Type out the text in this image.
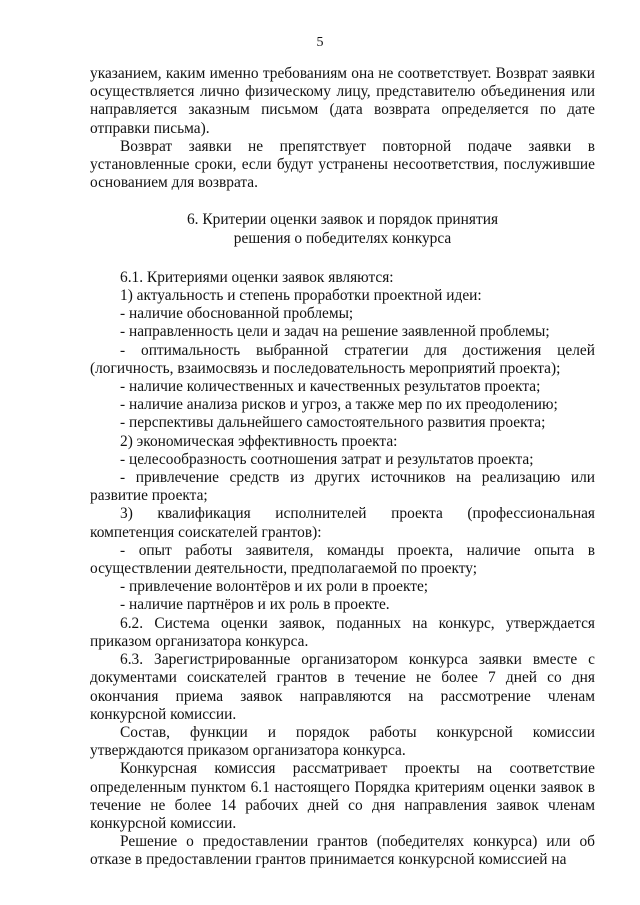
5

указанием, каким именно требованиям она не соответствует. Возврат заявки осуществляется лично физическому лицу, представителю объединения или направляется заказным письмом (дата возврата определяется по дате отправки письма).

Возврат заявки не препятствует повторной подаче заявки в установленные сроки, если будут устранены несоответствия, послужившие основанием для возврата.

6. Критерии оценки заявок и порядок принятия
решения о победителях конкурса

6.1. Критериями оценки заявок являются:

1) актуальность и степень проработки проектной идеи:

- наличие обоснованной проблемы;

- направленность цели и задач на решение заявленной проблемы;

- оптимальность выбранной стратегии для достижения целей (логичность, взаимосвязь и последовательность мероприятий проекта);

- наличие количественных и качественных результатов проекта;

- наличие анализа рисков и угроз, а также мер по их преодолению;

- перспективы дальнейшего самостоятельного развития проекта;

2) экономическая эффективность проекта:

- целесообразность соотношения затрат и результатов проекта;

- привлечение средств из других источников на реализацию или развитие проекта;

3) квалификация исполнителей проекта (профессиональная компетенция соискателей грантов):

- опыт работы заявителя, команды проекта, наличие опыта в осуществлении деятельности, предполагаемой по проекту;

- привлечение волонтёров и их роли в проекте;

- наличие партнёров и их роль в проекте.

6.2. Система оценки заявок, поданных на конкурс, утверждается приказом организатора конкурса.

6.3. Зарегистрированные организатором конкурса заявки вместе с документами соискателей грантов в течение не более 7 дней со дня окончания приема заявок направляются на рассмотрение членам конкурсной комиссии.

Состав, функции и порядок работы конкурсной комиссии утверждаются приказом организатора конкурса.

Конкурсная комиссия рассматривает проекты на соответствие определенным пунктом 6.1 настоящего Порядка критериям оценки заявок в течение не более 14 рабочих дней со дня направления заявок членам конкурсной комиссии.

Решение о предоставлении грантов (победителях конкурса) или об отказе в предоставлении грантов принимается конкурсной комиссией на
